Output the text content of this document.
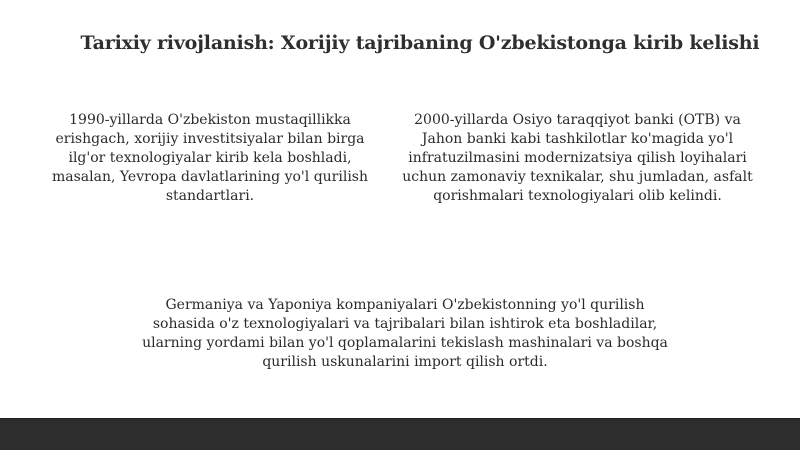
Tarixiy rivojlanish: Xorijiy tajribaning O'zbekistonga kirib kelishi
1990-yillarda O'zbekiston mustaqillikka erishgach, xorijiy investitsiyalar bilan birga ilg'or texnologiyalar kirib kela boshladi, masalan, Yevropa davlatlarining yo'l qurilish standartlari.
2000-yillarda Osiyo taraqqiyot banki (OTB) va Jahon banki kabi tashkilotlar ko'magida yo'l infratuzilmasini modernizatsiya qilish loyihalari uchun zamonaviy texnikalar, shu jumladan, asfalt qorishmalari texnologiyalari olib kelindi.
Germaniya va Yaponiya kompaniyalari O'zbekistonning yo'l qurilish sohasida o'z texnologiyalari va tajribalari bilan ishtirok eta boshladilar, ularning yordami bilan yo'l qoplamalarini tekislash mashinalari va boshqa qurilish uskunalarini import qilish ortdi.
